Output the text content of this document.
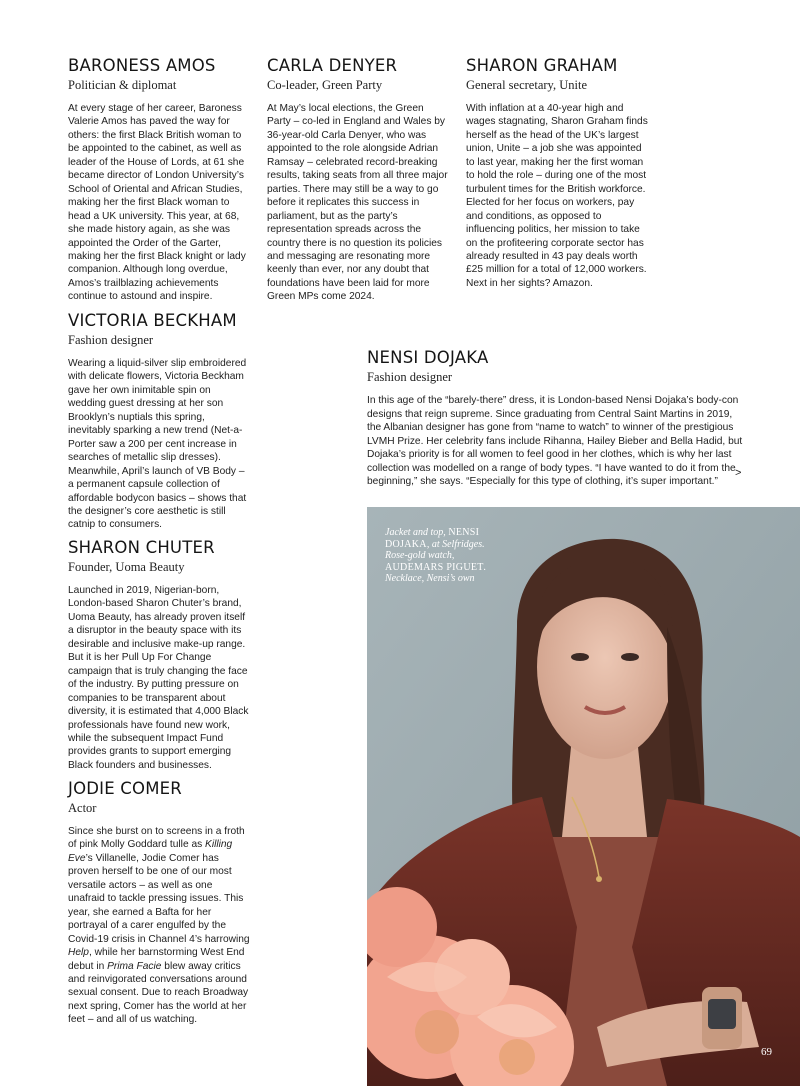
BARONESS AMOS
Politician & diplomat

At every stage of her career, Baroness Valerie Amos has paved the way for others: the first Black British woman to be appointed to the cabinet, as well as leader of the House of Lords, at 61 she became director of London University’s School of Oriental and African Studies, making her the first Black woman to head a UK university. This year, at 68, she made history again, as she was appointed the Order of the Garter, making her the first Black knight or lady companion. Although long overdue, Amos’s trailblazing achievements continue to astound and inspire.

CARLA DENYER
Co-leader, Green Party

At May’s local elections, the Green Party – co-led in England and Wales by 36-year-old Carla Denyer, who was appointed to the role alongside Adrian Ramsay – celebrated record-breaking results, taking seats from all three major parties. There may still be a way to go before it replicates this success in parliament, but as the party’s representation spreads across the country there is no question its policies and messaging are resonating more keenly than ever, nor any doubt that foundations have been laid for more Green MPs come 2024.

SHARON GRAHAM
General secretary, Unite

With inflation at a 40-year high and wages stagnating, Sharon Graham finds herself as the head of the UK’s largest union, Unite – a job she was appointed to last year, making her the first woman to hold the role – during one of the most turbulent times for the British workforce. Elected for her focus on workers, pay and conditions, as opposed to influencing politics, her mission to take on the profiteering corporate sector has already resulted in 43 pay deals worth £25 million for a total of 12,000 workers. Next in her sights? Amazon.

VICTORIA BECKHAM
Fashion designer

Wearing a liquid-silver slip embroidered with delicate flowers, Victoria Beckham gave her own inimitable spin on wedding guest dressing at her son Brooklyn’s nuptials this spring, inevitably sparking a new trend (Net-a-Porter saw a 200 per cent increase in searches of metallic slip dresses). Meanwhile, April’s launch of VB Body – a permanent capsule collection of affordable bodycon basics – shows that the designer’s core aesthetic is still catnip to consumers.

SHARON CHUTER
Founder, Uoma Beauty

Launched in 2019, Nigerian-born, London-based Sharon Chuter’s brand, Uoma Beauty, has already proven itself a disruptor in the beauty space with its desirable and inclusive make-up range. But it is her Pull Up For Change campaign that is truly changing the face of the industry. By putting pressure on companies to be transparent about diversity, it is estimated that 4,000 Black professionals have found new work, while the subsequent Impact Fund provides grants to support emerging Black founders and businesses.

JODIE COMER
Actor

Since she burst on to screens in a froth of pink Molly Goddard tulle as Killing Eve’s Villanelle, Jodie Comer has proven herself to be one of our most versatile actors – as well as one unafraid to tackle pressing issues. This year, she earned a Bafta for her portrayal of a carer engulfed by the Covid-19 crisis in Channel 4’s harrowing Help, while her barnstorming West End debut in Prima Facie blew away critics and reinvigorated conversations around sexual consent. Due to reach Broadway next spring, Comer has the world at her feet – and all of us watching.

NENSI DOJAKA
Fashion designer

In this age of the “barely-there” dress, it is London-based Nensi Dojaka’s body-con designs that reign supreme. Since graduating from Central Saint Martins in 2019, the Albanian designer has gone from “name to watch” to winner of the prestigious LVMH Prize. Her celebrity fans include Rihanna, Hailey Bieber and Bella Hadid, but Dojaka’s priority is for all women to feel good in her clothes, which is why her last collection was modelled on a range of body types. “I have wanted to do it from the beginning,” she says. “Especially for this type of clothing, it’s super important.”

>
Jacket and top, NENSI DOJAKA, at Selfridges. Rose-gold watch, AUDEMARS PIGUET. Necklace, Nensi’s own
69
